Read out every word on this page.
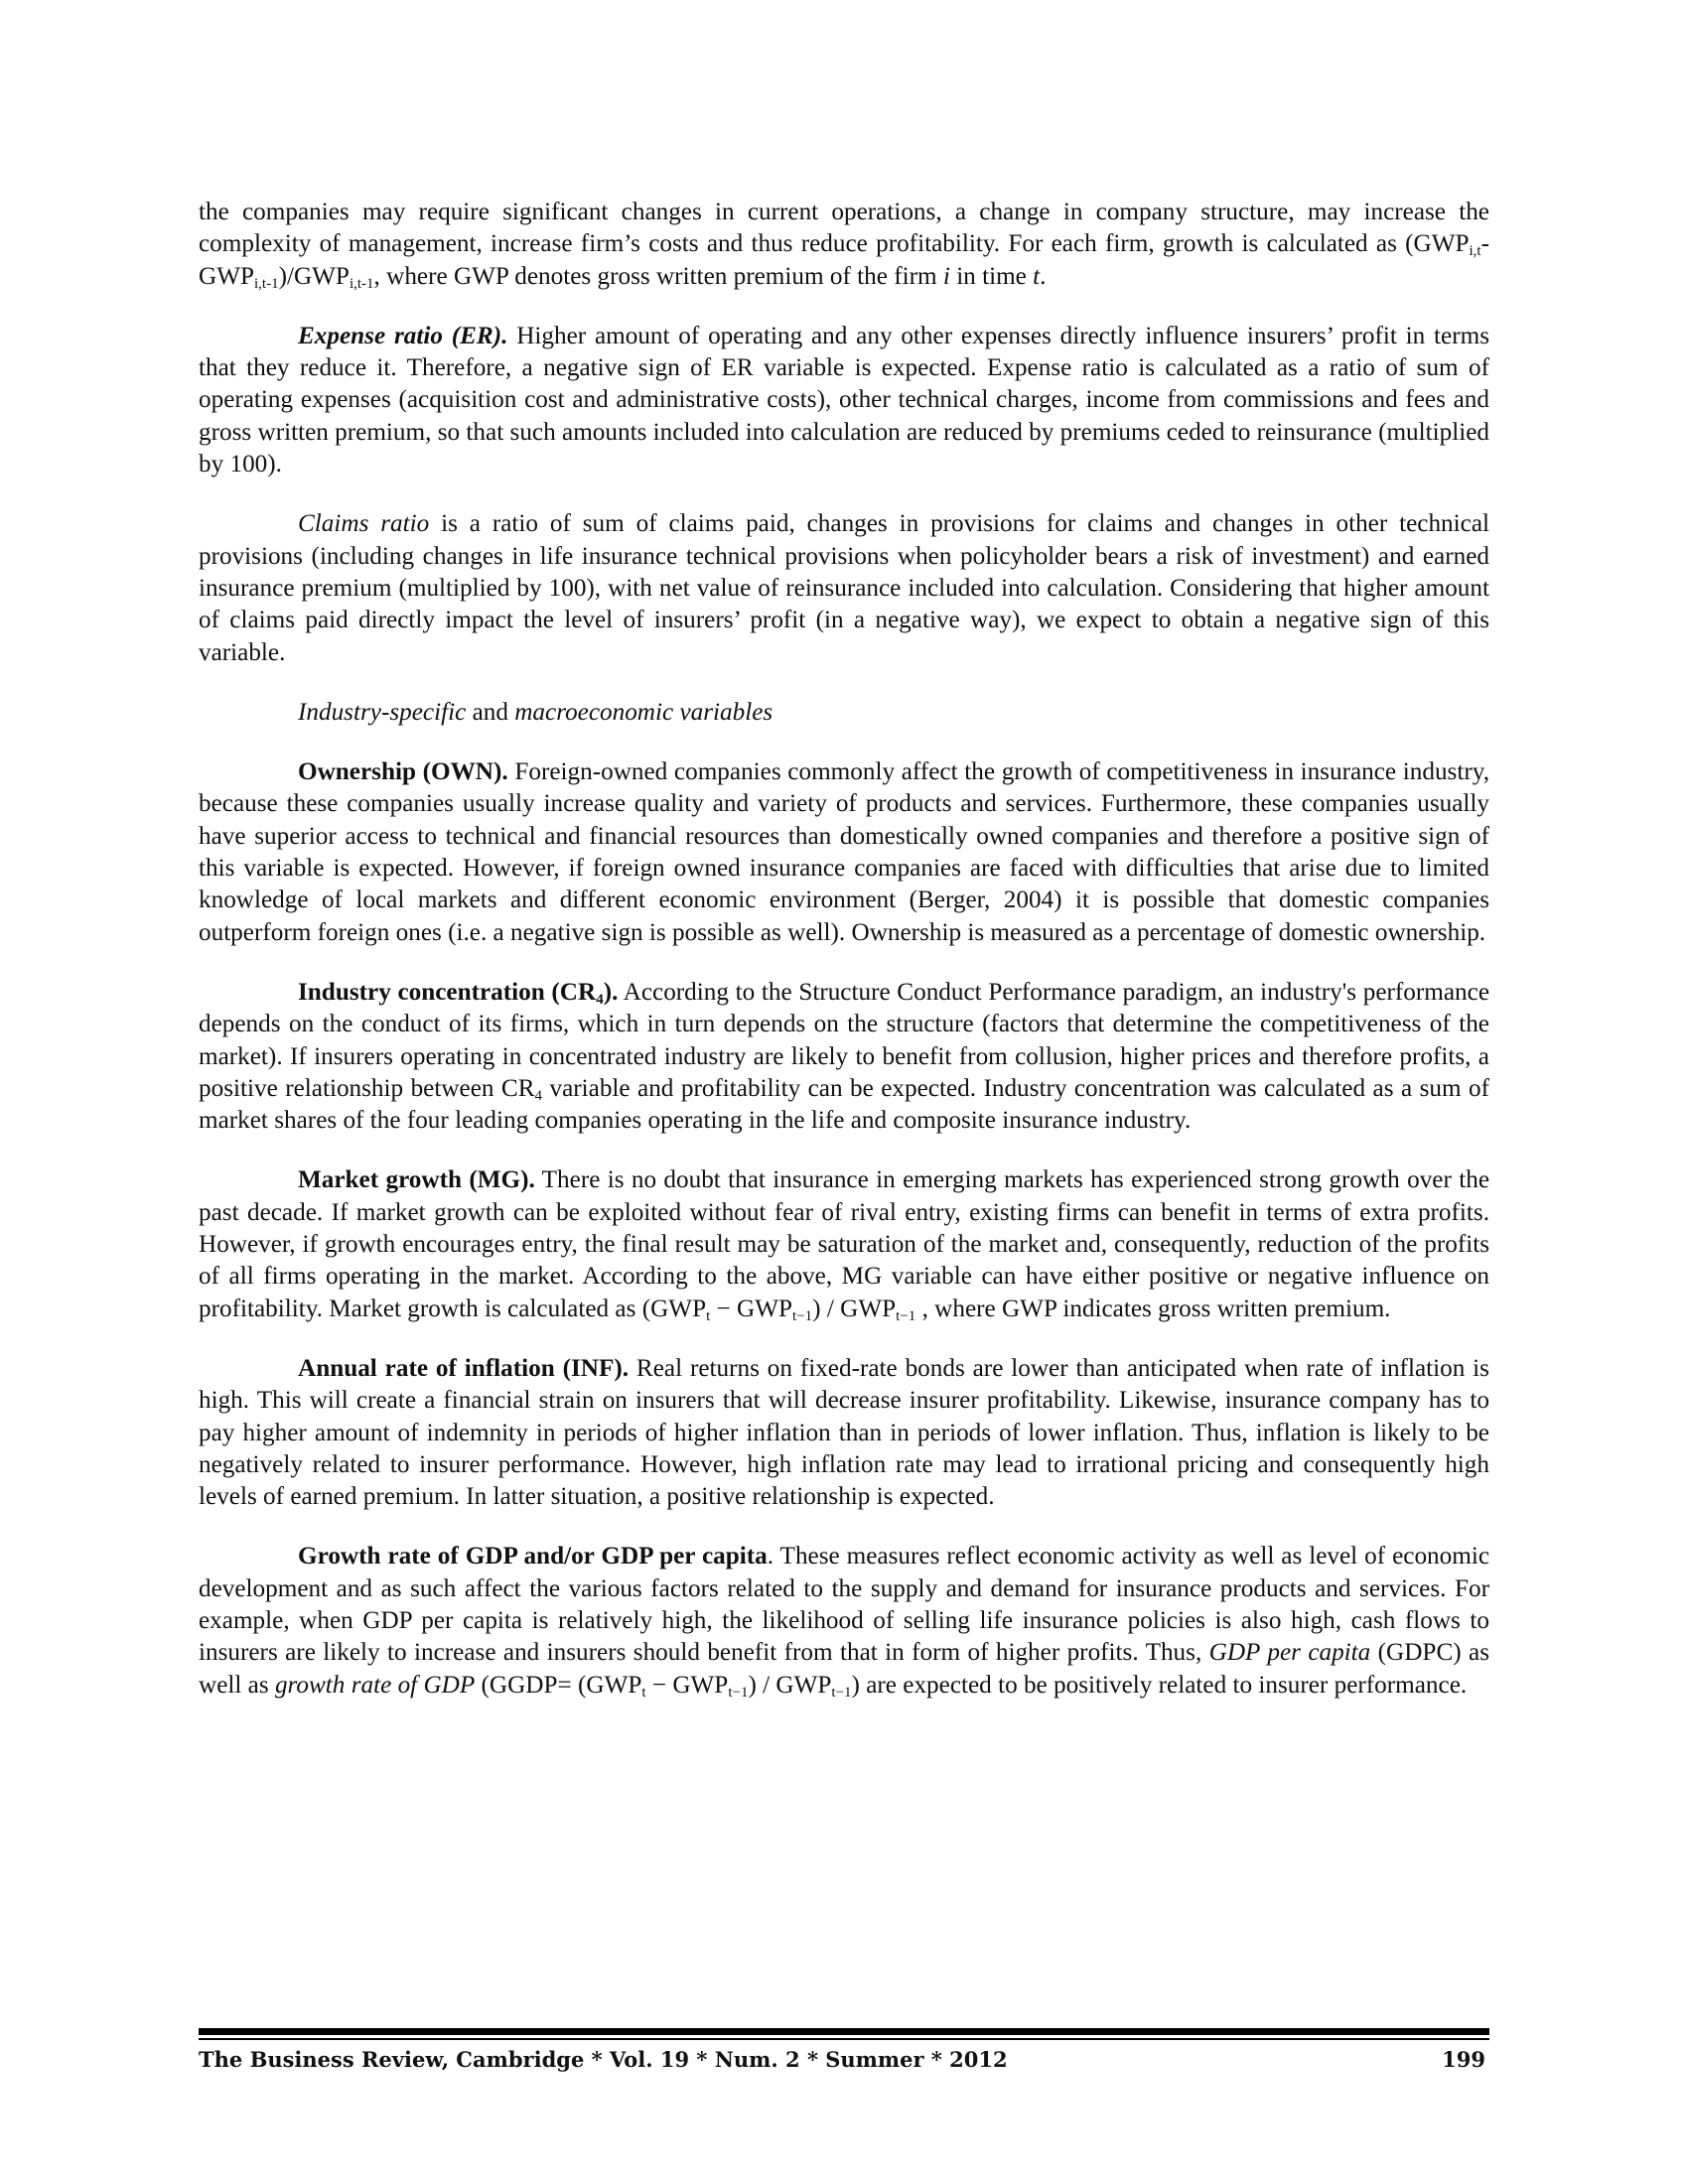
the companies may require significant changes in current operations, a change in company structure, may increase the complexity of management, increase firm’s costs and thus reduce profitability. For each firm, growth is calculated as $(GWP_{i,t}-GWP_{i,t-1})/GWP_{i,t-1}$, where GWP denotes gross written premium of the firm i in time t.

Expense ratio (ER). Higher amount of operating and any other expenses directly influence insurers’ profit in terms that they reduce it. Therefore, a negative sign of ER variable is expected. Expense ratio is calculated as a ratio of sum of operating expenses (acquisition cost and administrative costs), other technical charges, income from commissions and fees and gross written premium, so that such amounts included into calculation are reduced by premiums ceded to reinsurance (multiplied by 100).

Claims ratio is a ratio of sum of claims paid, changes in provisions for claims and changes in other technical provisions (including changes in life insurance technical provisions when policyholder bears a risk of investment) and earned insurance premium (multiplied by 100), with net value of reinsurance included into calculation. Considering that higher amount of claims paid directly impact the level of insurers’ profit (in a negative way), we expect to obtain a negative sign of this variable.

Industry-specific and macroeconomic variables

Ownership (OWN). Foreign-owned companies commonly affect the growth of competitiveness in insurance industry, because these companies usually increase quality and variety of products and services. Furthermore, these companies usually have superior access to technical and financial resources than domestically owned companies and therefore a positive sign of this variable is expected. However, if foreign owned insurance companies are faced with difficulties that arise due to limited knowledge of local markets and different economic environment (Berger, 2004) it is possible that domestic companies outperform foreign ones (i.e. a negative sign is possible as well). Ownership is measured as a percentage of domestic ownership.

Industry concentration $(CR_4)$. According to the Structure Conduct Performance paradigm, an industry's performance depends on the conduct of its firms, which in turn depends on the structure (factors that determine the competitiveness of the market). If insurers operating in concentrated industry are likely to benefit from collusion, higher prices and therefore profits, a positive relationship between $CR_4$ variable and profitability can be expected. Industry concentration was calculated as a sum of market shares of the four leading companies operating in the life and composite insurance industry.

Market growth (MG). There is no doubt that insurance in emerging markets has experienced strong growth over the past decade. If market growth can be exploited without fear of rival entry, existing firms can benefit in terms of extra profits. However, if growth encourages entry, the final result may be saturation of the market and, consequently, reduction of the profits of all firms operating in the market. According to the above, MG variable can have either positive or negative influence on profitability. Market growth is calculated as $(GWP_t - GWP_{t-1}) / GWP_{t-1}$ , where GWP indicates gross written premium.

Annual rate of inflation (INF). Real returns on fixed-rate bonds are lower than anticipated when rate of inflation is high. This will create a financial strain on insurers that will decrease insurer profitability. Likewise, insurance company has to pay higher amount of indemnity in periods of higher inflation than in periods of lower inflation. Thus, inflation is likely to be negatively related to insurer performance. However, high inflation rate may lead to irrational pricing and consequently high levels of earned premium. In latter situation, a positive relationship is expected.

Growth rate of GDP and/or GDP per capita. These measures reflect economic activity as well as level of economic development and as such affect the various factors related to the supply and demand for insurance products and services. For example, when GDP per capita is relatively high, the likelihood of selling life insurance policies is also high, cash flows to insurers are likely to increase and insurers should benefit from that in form of higher profits. Thus, GDP per capita (GDPC) as well as growth rate of GDP (GGDP= $(GWP_t - GWP_{t-1}) / GWP_{t-1}$) are expected to be positively related to insurer performance.

The Business Review, Cambridge * Vol. 19 * Num. 2 * Summer * 2012	199
